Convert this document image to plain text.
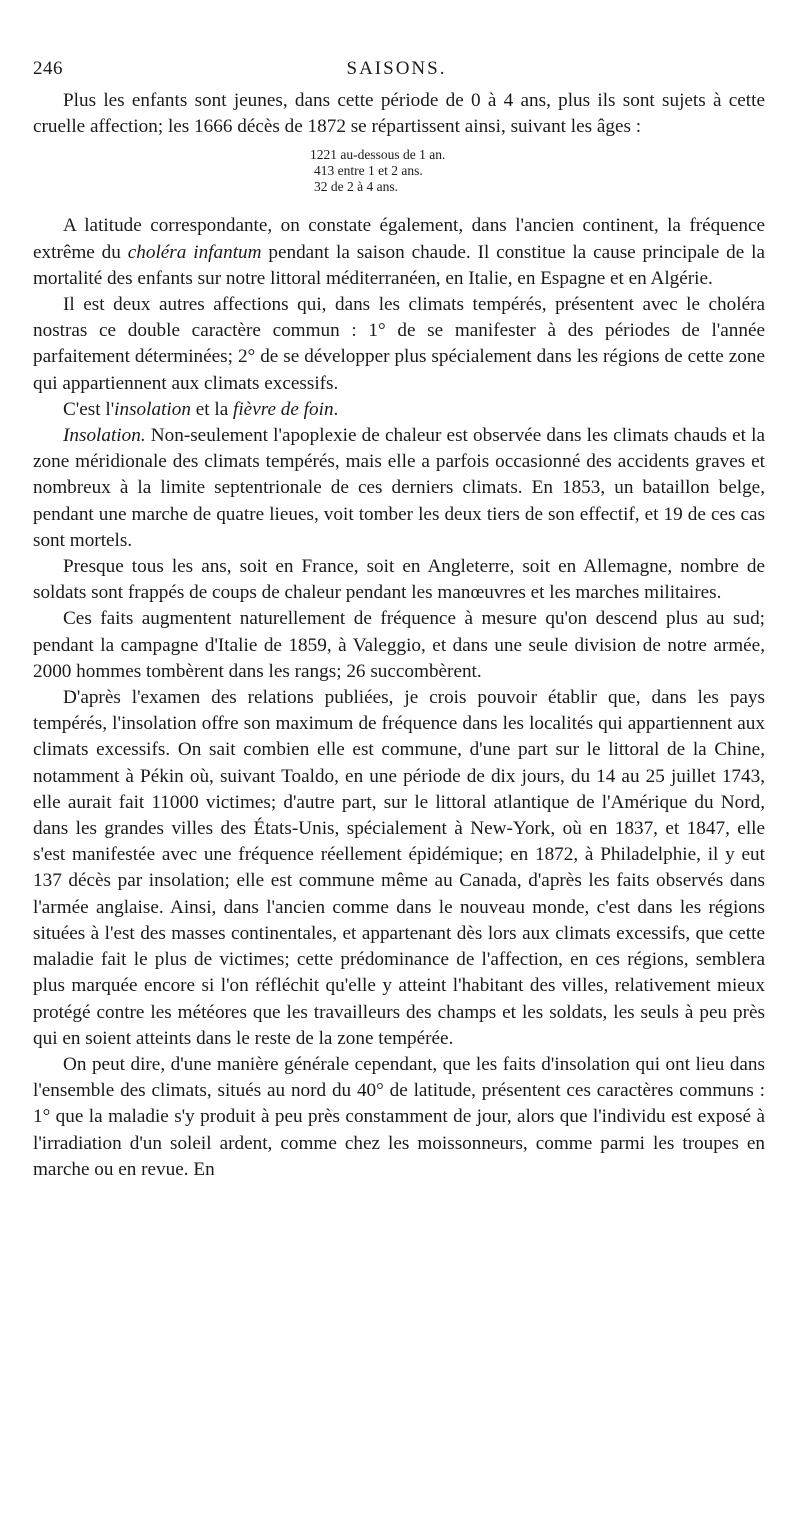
246	SAISONS.

Plus les enfants sont jeunes, dans cette période de 0 à 4 ans, plus ils sont sujets à cette cruelle affection; les 1666 décès de 1872 se répartissent ainsi, suivant les âges :

1221 au-dessous de 1 an.

413 entre 1 et 2 ans.

32 de 2 à 4 ans.

A latitude correspondante, on constate également, dans l'ancien continent, la fréquence extrême du choléra infantum pendant la saison chaude. Il constitue la cause principale de la mortalité des enfants sur notre littoral méditerranéen, en Italie, en Espagne et en Algérie.

Il est deux autres affections qui, dans les climats tempérés, présentent avec le choléra nostras ce double caractère commun : 1° de se manifester à des périodes de l'année parfaitement déterminées; 2° de se développer plus spécialement dans les régions de cette zone qui appartiennent aux climats excessifs.

C'est l'insolation et la fièvre de foin.

Insolation. Non-seulement l'apoplexie de chaleur est observée dans les climats chauds et la zone méridionale des climats tempérés, mais elle a parfois occasionné des accidents graves et nombreux à la limite septentrionale de ces derniers climats. En 1853, un bataillon belge, pendant une marche de quatre lieues, voit tomber les deux tiers de son effectif, et 19 de ces cas sont mortels.

Presque tous les ans, soit en France, soit en Angleterre, soit en Allemagne, nombre de soldats sont frappés de coups de chaleur pendant les manœuvres et les marches militaires.

Ces faits augmentent naturellement de fréquence à mesure qu'on descend plus au sud; pendant la campagne d'Italie de 1859, à Valeggio, et dans une seule division de notre armée, 2000 hommes tombèrent dans les rangs; 26 succombèrent.

D'après l'examen des relations publiées, je crois pouvoir établir que, dans les pays tempérés, l'insolation offre son maximum de fréquence dans les localités qui appartiennent aux climats excessifs. On sait combien elle est commune, d'une part sur le littoral de la Chine, notamment à Pékin où, suivant Toaldo, en une période de dix jours, du 14 au 25 juillet 1743, elle aurait fait 11000 victimes; d'autre part, sur le littoral atlantique de l'Amérique du Nord, dans les grandes villes des États-Unis, spécialement à New-York, où en 1837, et 1847, elle s'est manifestée avec une fréquence réellement épidémique; en 1872, à Philadelphie, il y eut 137 décès par insolation; elle est commune même au Canada, d'après les faits observés dans l'armée anglaise. Ainsi, dans l'ancien comme dans le nouveau monde, c'est dans les régions situées à l'est des masses continentales, et appartenant dès lors aux climats excessifs, que cette maladie fait le plus de victimes; cette prédominance de l'affection, en ces régions, semblera plus marquée encore si l'on réfléchit qu'elle y atteint l'habitant des villes, relativement mieux protégé contre les météores que les travailleurs des champs et les soldats, les seuls à peu près qui en soient atteints dans le reste de la zone tempérée.

On peut dire, d'une manière générale cependant, que les faits d'insolation qui ont lieu dans l'ensemble des climats, situés au nord du 40° de latitude, présentent ces caractères communs : 1° que la maladie s'y produit à peu près constamment de jour, alors que l'individu est exposé à l'irradiation d'un soleil ardent, comme chez les moissonneurs, comme parmi les troupes en marche ou en revue. En
